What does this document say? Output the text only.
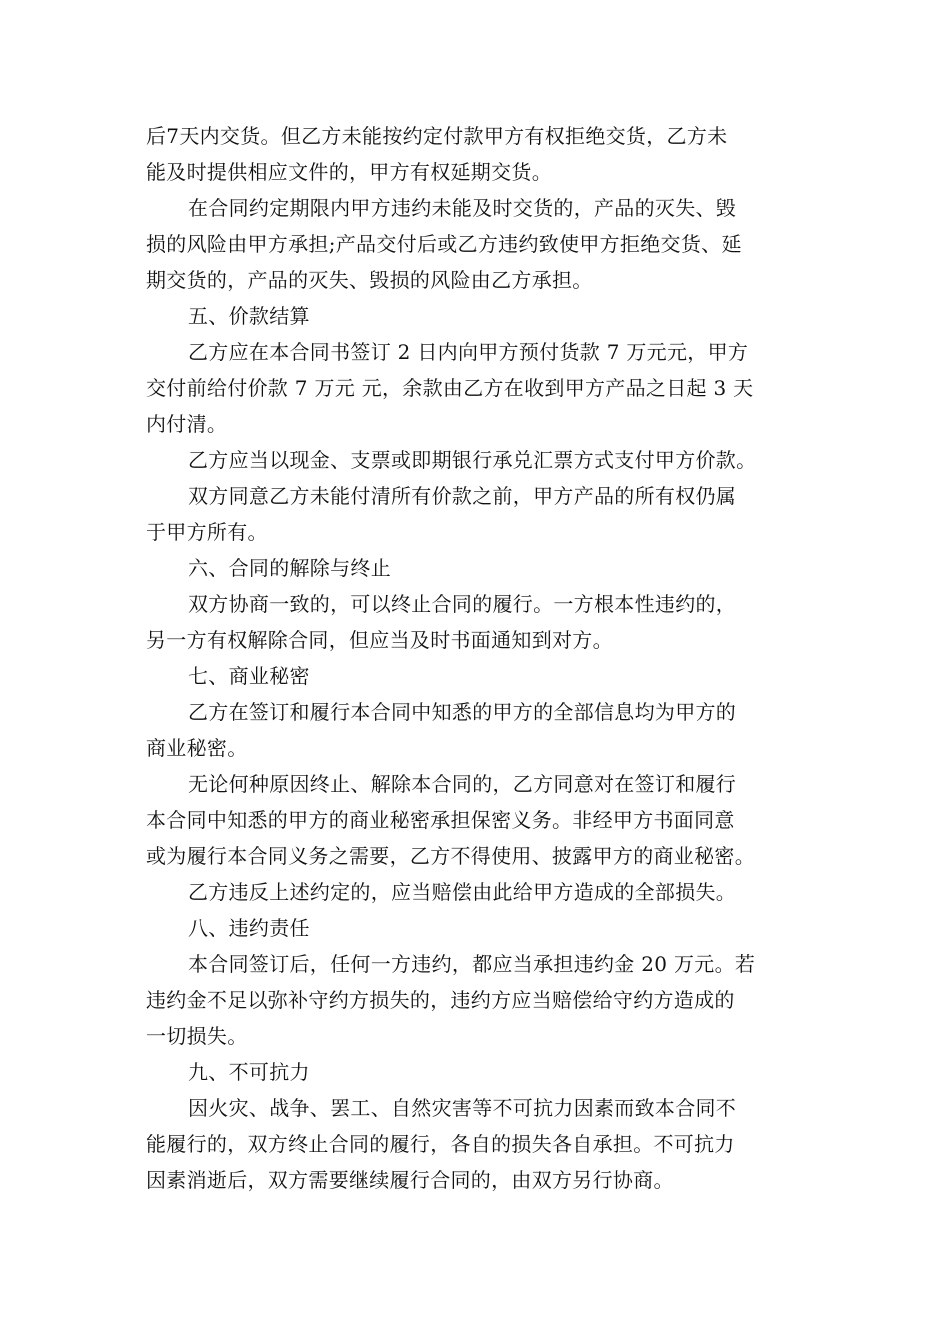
后7天内交货。但乙方未能按约定付款甲方有权拒绝交货，乙方未
能及时提供相应文件的，甲方有权延期交货。
在合同约定期限内甲方违约未能及时交货的，产品的灭失、毁
损的风险由甲方承担;产品交付后或乙方违约致使甲方拒绝交货、延
期交货的，产品的灭失、毁损的风险由乙方承担。
五、价款结算
乙方应在本合同书签订 2 日内向甲方预付货款 7 万元元，甲方
交付前给付价款 7 万元 元，余款由乙方在收到甲方产品之日起 3 天
内付清。
乙方应当以现金、支票或即期银行承兑汇票方式支付甲方价款。
双方同意乙方未能付清所有价款之前，甲方产品的所有权仍属
于甲方所有。
六、合同的解除与终止
双方协商一致的，可以终止合同的履行。一方根本性违约的，
另一方有权解除合同，但应当及时书面通知到对方。
七、商业秘密
乙方在签订和履行本合同中知悉的甲方的全部信息均为甲方的
商业秘密。
无论何种原因终止、解除本合同的，乙方同意对在签订和履行
本合同中知悉的甲方的商业秘密承担保密义务。非经甲方书面同意
或为履行本合同义务之需要，乙方不得使用、披露甲方的商业秘密。
乙方违反上述约定的，应当赔偿由此给甲方造成的全部损失。
八、违约责任
本合同签订后，任何一方违约，都应当承担违约金 20 万元。若
违约金不足以弥补守约方损失的，违约方应当赔偿给守约方造成的
一切损失。
九、不可抗力
因火灾、战争、罢工、自然灾害等不可抗力因素而致本合同不
能履行的，双方终止合同的履行，各自的损失各自承担。不可抗力
因素消逝后，双方需要继续履行合同的，由双方另行协商。
